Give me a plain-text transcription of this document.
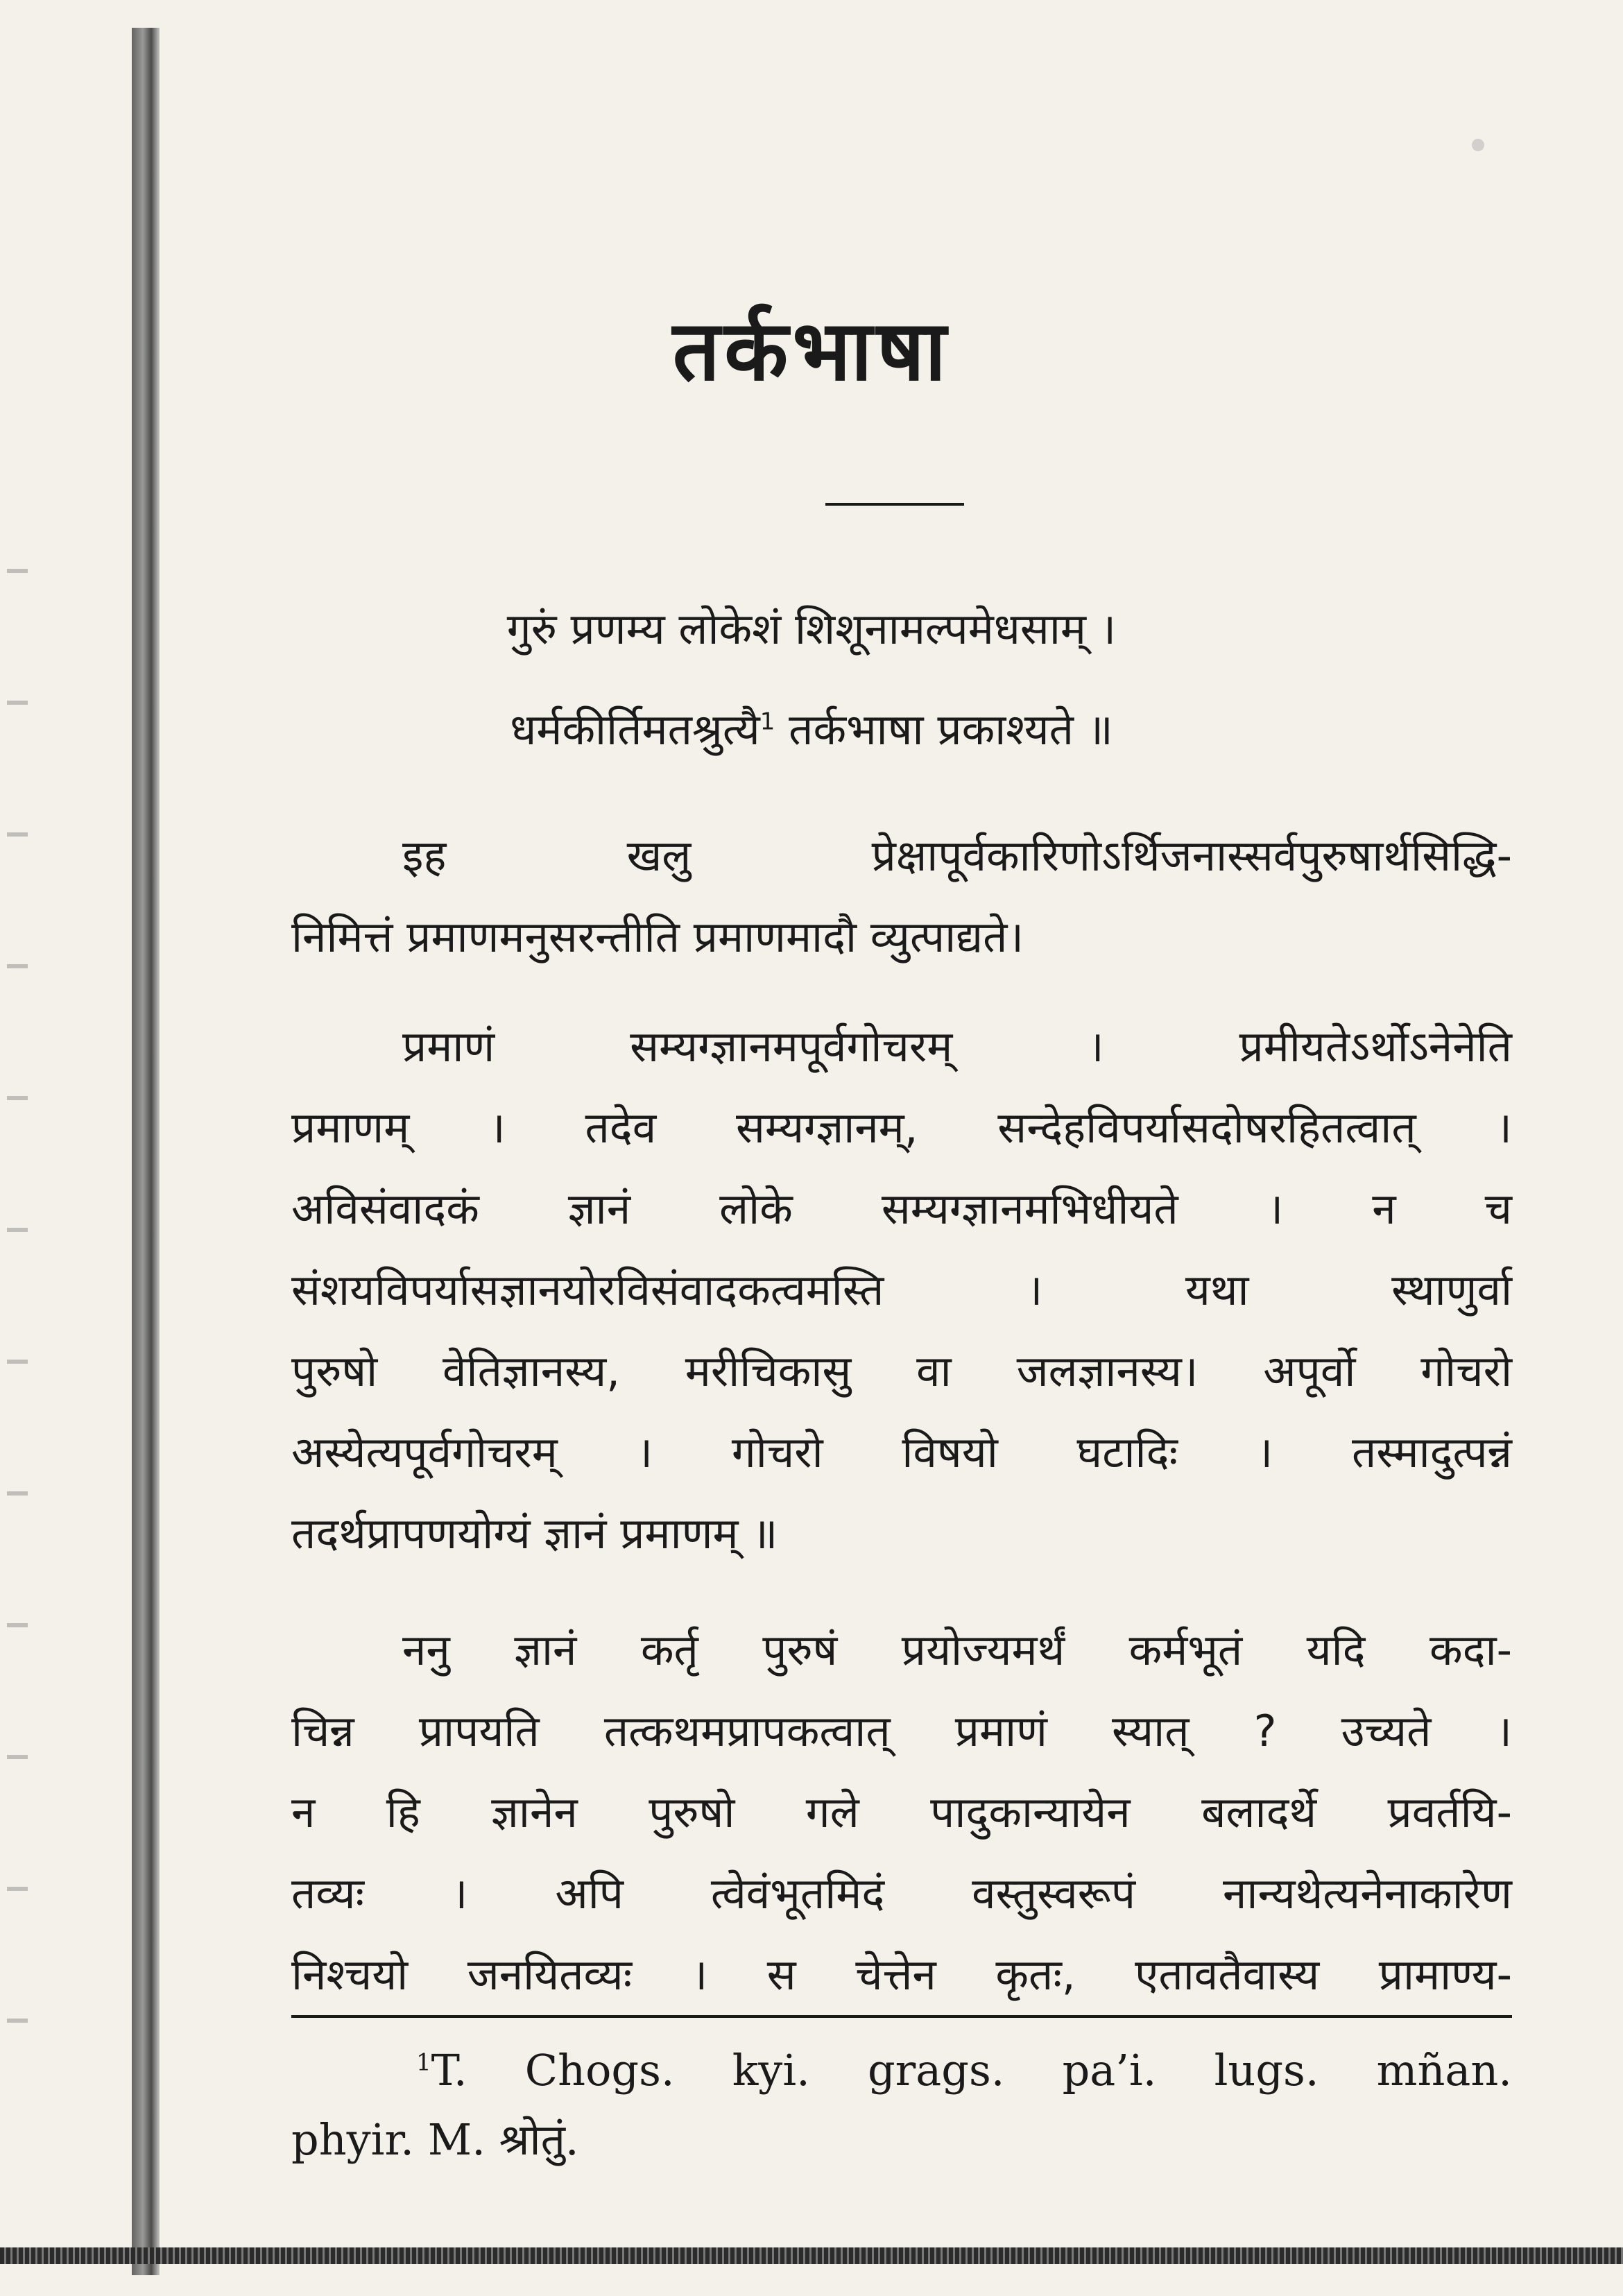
तर्कभाषा
गुरुं प्रणम्य लोकेशं शिशूनामल्पमेधसाम् ।
धर्मकीर्तिमतश्रुत्यै$^1$ तर्कभाषा प्रकाश्यते ॥
इह खलु प्रेक्षापूर्वकारिणोऽर्थिजनास्सर्वपुरुषार्थसिद्धि-
निमित्तं प्रमाणमनुसरन्तीति प्रमाणमादौ व्युत्पाद्यते।
प्रमाणं सम्यग्ज्ञानमपूर्वगोचरम् । प्रमीयतेऽर्थोऽनेनेति
प्रमाणम् । तदेव सम्यग्ज्ञानम्, सन्देहविपर्यासदोषरहितत्वात् ।
अविसंवादकं ज्ञानं लोके सम्यग्ज्ञानमभिधीयते । न च
संशयविपर्यासज्ञानयोरविसंवादकत्वमस्ति । यथा स्थाणुर्वा
पुरुषो वेतिज्ञानस्य, मरीचिकासु वा जलज्ञानस्य। अपूर्वो गोचरो
अस्येत्यपूर्वगोचरम् । गोचरो विषयो घटादिः । तस्मादुत्पन्नं
तदर्थप्रापणयोग्यं ज्ञानं प्रमाणम् ॥
ननु ज्ञानं कर्तृ पुरुषं प्रयोज्यमर्थं कर्मभूतं यदि कदा-
चिन्न प्रापयति तत्कथमप्रापकत्वात् प्रमाणं स्यात् ? उच्यते ।
न हि ज्ञानेन पुरुषो गले पादुकान्यायेन बलादर्थे प्रवर्तयि-
तव्यः । अपि त्वेवंभूतमिदं वस्तुस्वरूपं नान्यथेत्यनेनाकारेण
निश्चयो जनयितव्यः । स चेत्तेन कृतः, एतावतैवास्य प्रामाण्य-
$^1$T. Chogs. kyi. grags. pa’i. lugs. mñan.
phyir. M. श्रोतुं.
